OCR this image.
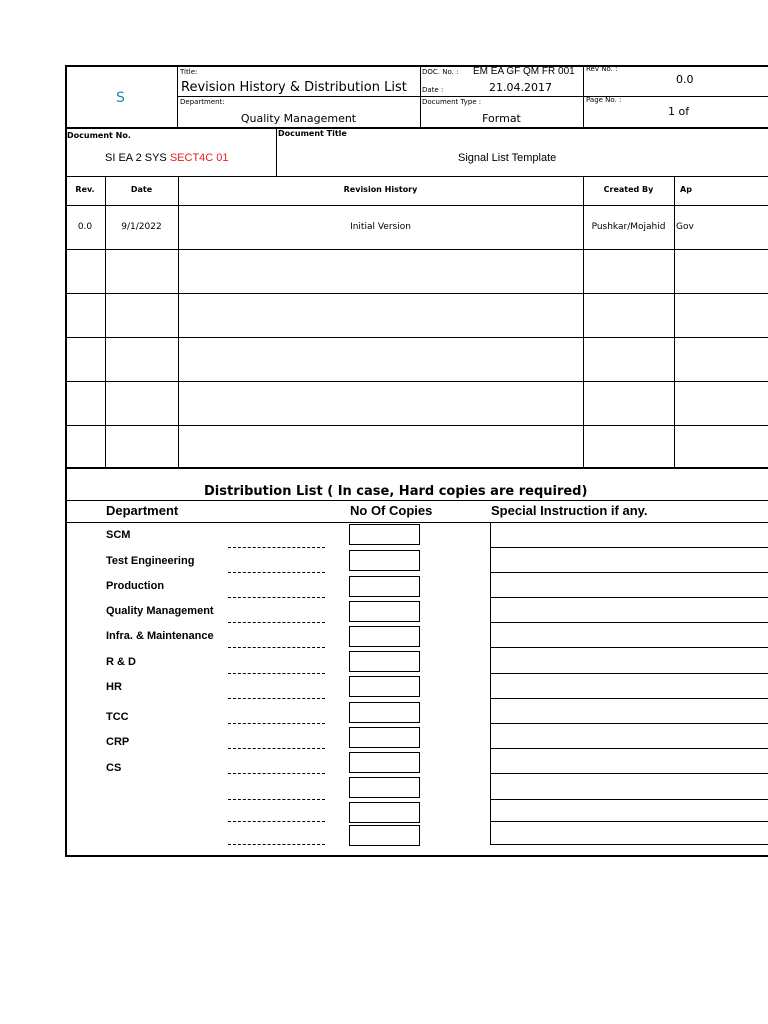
S
Title:
Revision History & Distribution List
Department:
Quality Management
DOC. No. : EM EA GF QM FR 001
Date :	21.04.2017
Document Type :
Format
Rev No. :
0.0
Page No. :
1 of
Document No.
SI EA 2 SYS SECT4C 01
Document Title
Signal List Template
Rev.	Date	Revision History	Created By	Ap
0.0	9/1/2022	Initial Version	Pushkar/Mojahid	Gov
Distribution List ( In case, Hard copies are required)
Department	No Of Copies	Special Instruction if any.
SCM
Test Engineering
Production
Quality Management
Infra. & Maintenance
R & D
HR
TCC
CRP
CS
